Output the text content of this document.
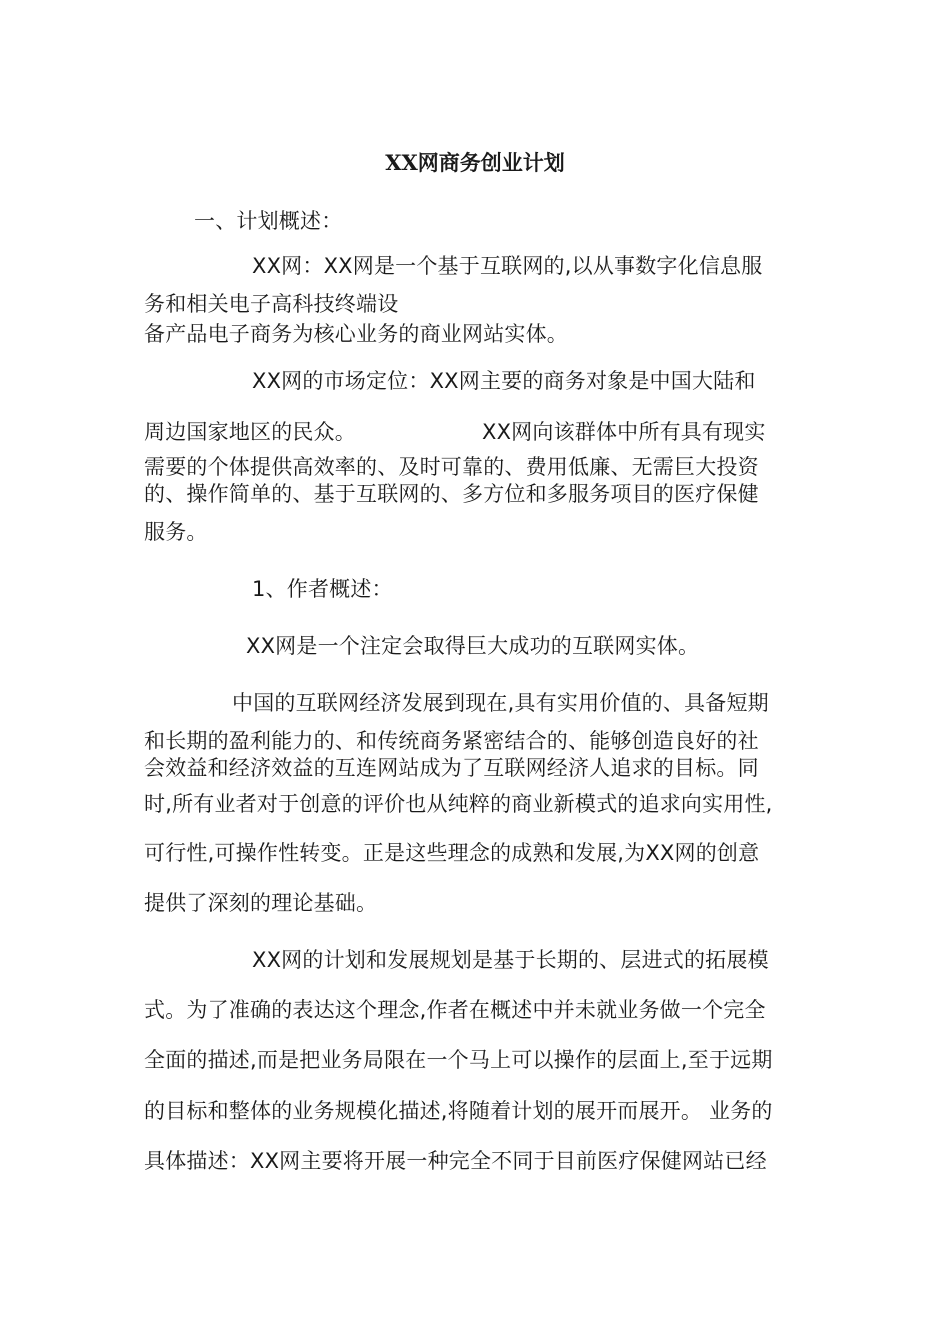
XX网商务创业计划
一、计划概述：
XX网：XX网是一个基于互联网的,以从事数字化信息服
务和相关电子高科技终端设
备产品电子商务为核心业务的商业网站实体。
XX网的市场定位：XX网主要的商务对象是中国大陆和
周边国家地区的民众。	XX网向该群体中所有具有现实
需要的个体提供高效率的、及时可靠的、费用低廉、无需巨大投资
的、操作简单的、基于互联网的、多方位和多服务项目的医疗保健
服务。
1、作者概述：
XX网是一个注定会取得巨大成功的互联网实体。
中国的互联网经济发展到现在,具有实用价值的、具备短期
和长期的盈利能力的、和传统商务紧密结合的、能够创造良好的社
会效益和经济效益的互连网站成为了互联网经济人追求的目标。同
时,所有业者对于创意的评价也从纯粹的商业新模式的追求向实用性,
可行性,可操作性转变。正是这些理念的成熟和发展,为XX网的创意
提供了深刻的理论基础。
XX网的计划和发展规划是基于长期的、层进式的拓展模
式。为了准确的表达这个理念,作者在概述中并未就业务做一个完全
全面的描述,而是把业务局限在一个马上可以操作的层面上,至于远期
的目标和整体的业务规模化描述,将随着计划的展开而展开。 业务的
具体描述：XX网主要将开展一种完全不同于目前医疗保健网站已经
